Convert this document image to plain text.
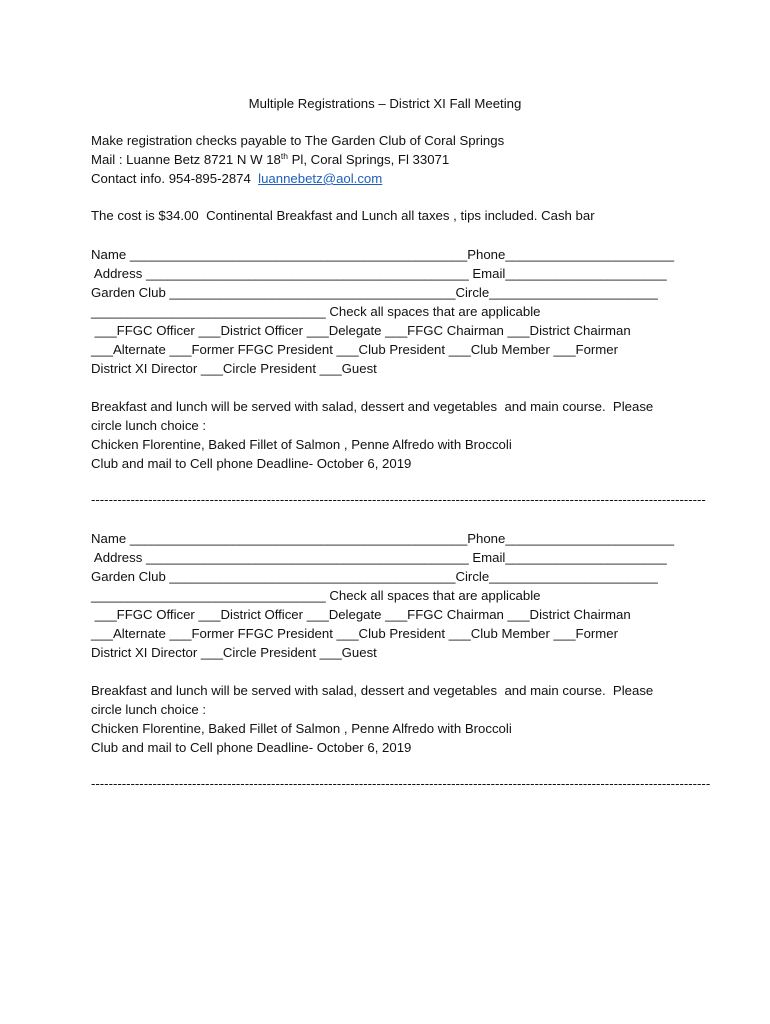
Multiple Registrations – District XI Fall Meeting
Make registration checks payable to The Garden Club of Coral Springs
Mail : Luanne Betz 8721 N W 18th Pl, Coral Springs, Fl 33071
Contact info. 954-895-2874  luannebetz@aol.com
The cost is $34.00  Continental Breakfast and Lunch all taxes , tips included. Cash bar
Name ______________________________________________Phone_______________________
Address ____________________________________________ Email______________________
Garden Club _______________________________________Circle_______________________
________________________________ Check all spaces that are applicable
___FFGC Officer ___District Officer ___Delegate ___FFGC Chairman ___District Chairman
___Alternate ___Former FFGC President ___Club President ___Club Member ___Former
District XI Director ___Circle President ___Guest
Breakfast and lunch will be served with salad, dessert and vegetables  and main course.  Please
circle lunch choice :
Chicken Florentine, Baked Fillet of Salmon , Penne Alfredo with Broccoli
Club and mail to Cell phone Deadline- October 6, 2019
--------------------------------------------------------------------------------------------------------------------------------------------
Name ______________________________________________Phone_______________________
Address ____________________________________________ Email______________________
Garden Club _______________________________________Circle_______________________
________________________________ Check all spaces that are applicable
___FFGC Officer ___District Officer ___Delegate ___FFGC Chairman ___District Chairman
___Alternate ___Former FFGC President ___Club President ___Club Member ___Former
District XI Director ___Circle President ___Guest
Breakfast and lunch will be served with salad, dessert and vegetables  and main course.  Please
circle lunch choice :
Chicken Florentine, Baked Fillet of Salmon , Penne Alfredo with Broccoli
Club and mail to Cell phone Deadline- October 6, 2019
---------------------------------------------------------------------------------------------------------------------------------------------
